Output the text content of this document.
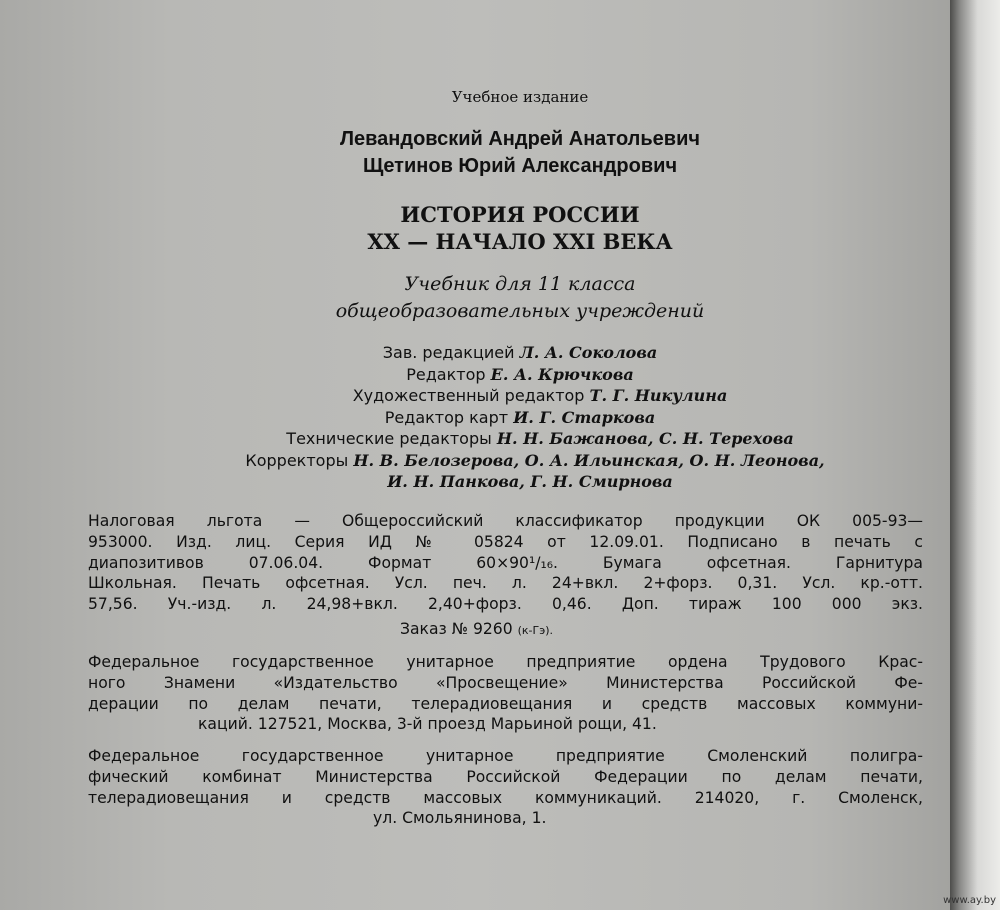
Учебное издание
Левандовский Андрей Анатольевич
Щетинов Юрий Александрович
ИСТОРИЯ РОССИИ
XX — НАЧАЛО XXI ВЕКА
Учебник для 11 класса
общеобразовательных учреждений
Зав. редакцией Л. А. Соколова
Редактор Е. А. Крючкова
Художественный редактор Т. Г. Никулина
Редактор карт И. Г. Старкова
Технические редакторы Н. Н. Бажанова, С. Н. Терехова
Корректоры Н. В. Белозерова, О. А. Ильинская, О. Н. Леонова,
И. Н. Панкова, Г. Н. Смирнова
Налоговая льгота — Общероссийский классификатор продукции ОК 005-93—
953000. Изд. лиц. Серия ИД № 05824 от 12.09.01. Подписано в печать с
диапозитивов 07.06.04. Формат 60×90¹/₁₆. Бумага офсетная. Гарнитура
Школьная. Печать офсетная. Усл. печ. л. 24+вкл. 2+форз. 0,31. Усл. кр.-отт.
57,56. Уч.-изд. л. 24,98+вкл. 2,40+форз. 0,46. Доп. тираж 100 000 экз.
Заказ № 9260 (к-Гэ).
Федеральное государственное унитарное предприятие ордена Трудового Крас-
ного Знамени «Издательство «Просвещение» Министерства Российской Фе-
дерации по делам печати, телерадиовещания и средств массовых коммуни-
каций. 127521, Москва, 3-й проезд Марьиной рощи, 41.
Федеральное государственное унитарное предприятие Смоленский полигра-
фический комбинат Министерства Российской Федерации по делам печати,
телерадиовещания и средств массовых коммуникаций. 214020, г. Смоленск,
ул. Смольянинова, 1.
www.ay.by
